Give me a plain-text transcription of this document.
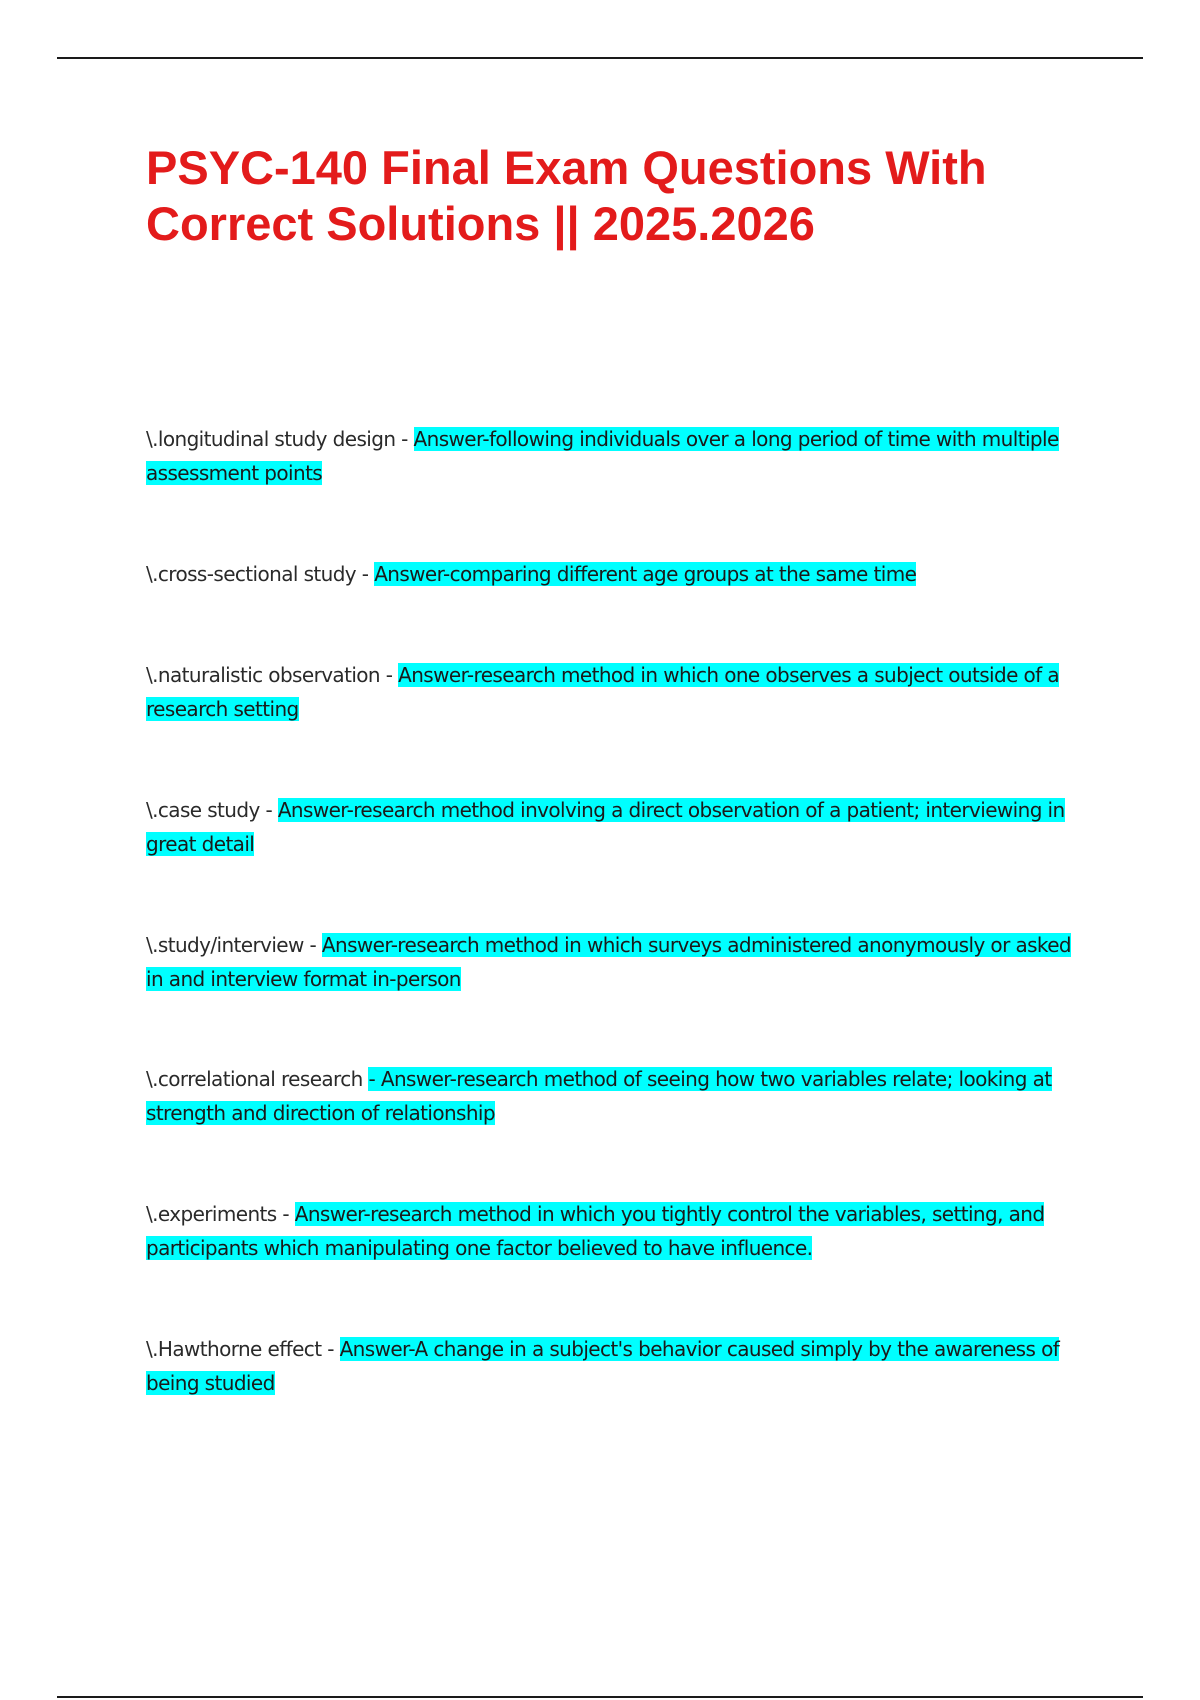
PSYC-140 Final Exam Questions With Correct Solutions || 2025.2026

\.longitudinal study design - Answer-following individuals over a long period of time with multiple assessment points

\.cross-sectional study - Answer-comparing different age groups at the same time

\.naturalistic observation - Answer-research method in which one observes a subject outside of a research setting

\.case study - Answer-research method involving a direct observation of a patient; interviewing in great detail

\.study/interview - Answer-research method in which surveys administered anonymously or asked in and interview format in-person

\.correlational research - Answer-research method of seeing how two variables relate; looking at strength and direction of relationship

\.experiments - Answer-research method in which you tightly control the variables, setting, and participants which manipulating one factor believed to have influence.

\.Hawthorne effect - Answer-A change in a subject's behavior caused simply by the awareness of being studied
